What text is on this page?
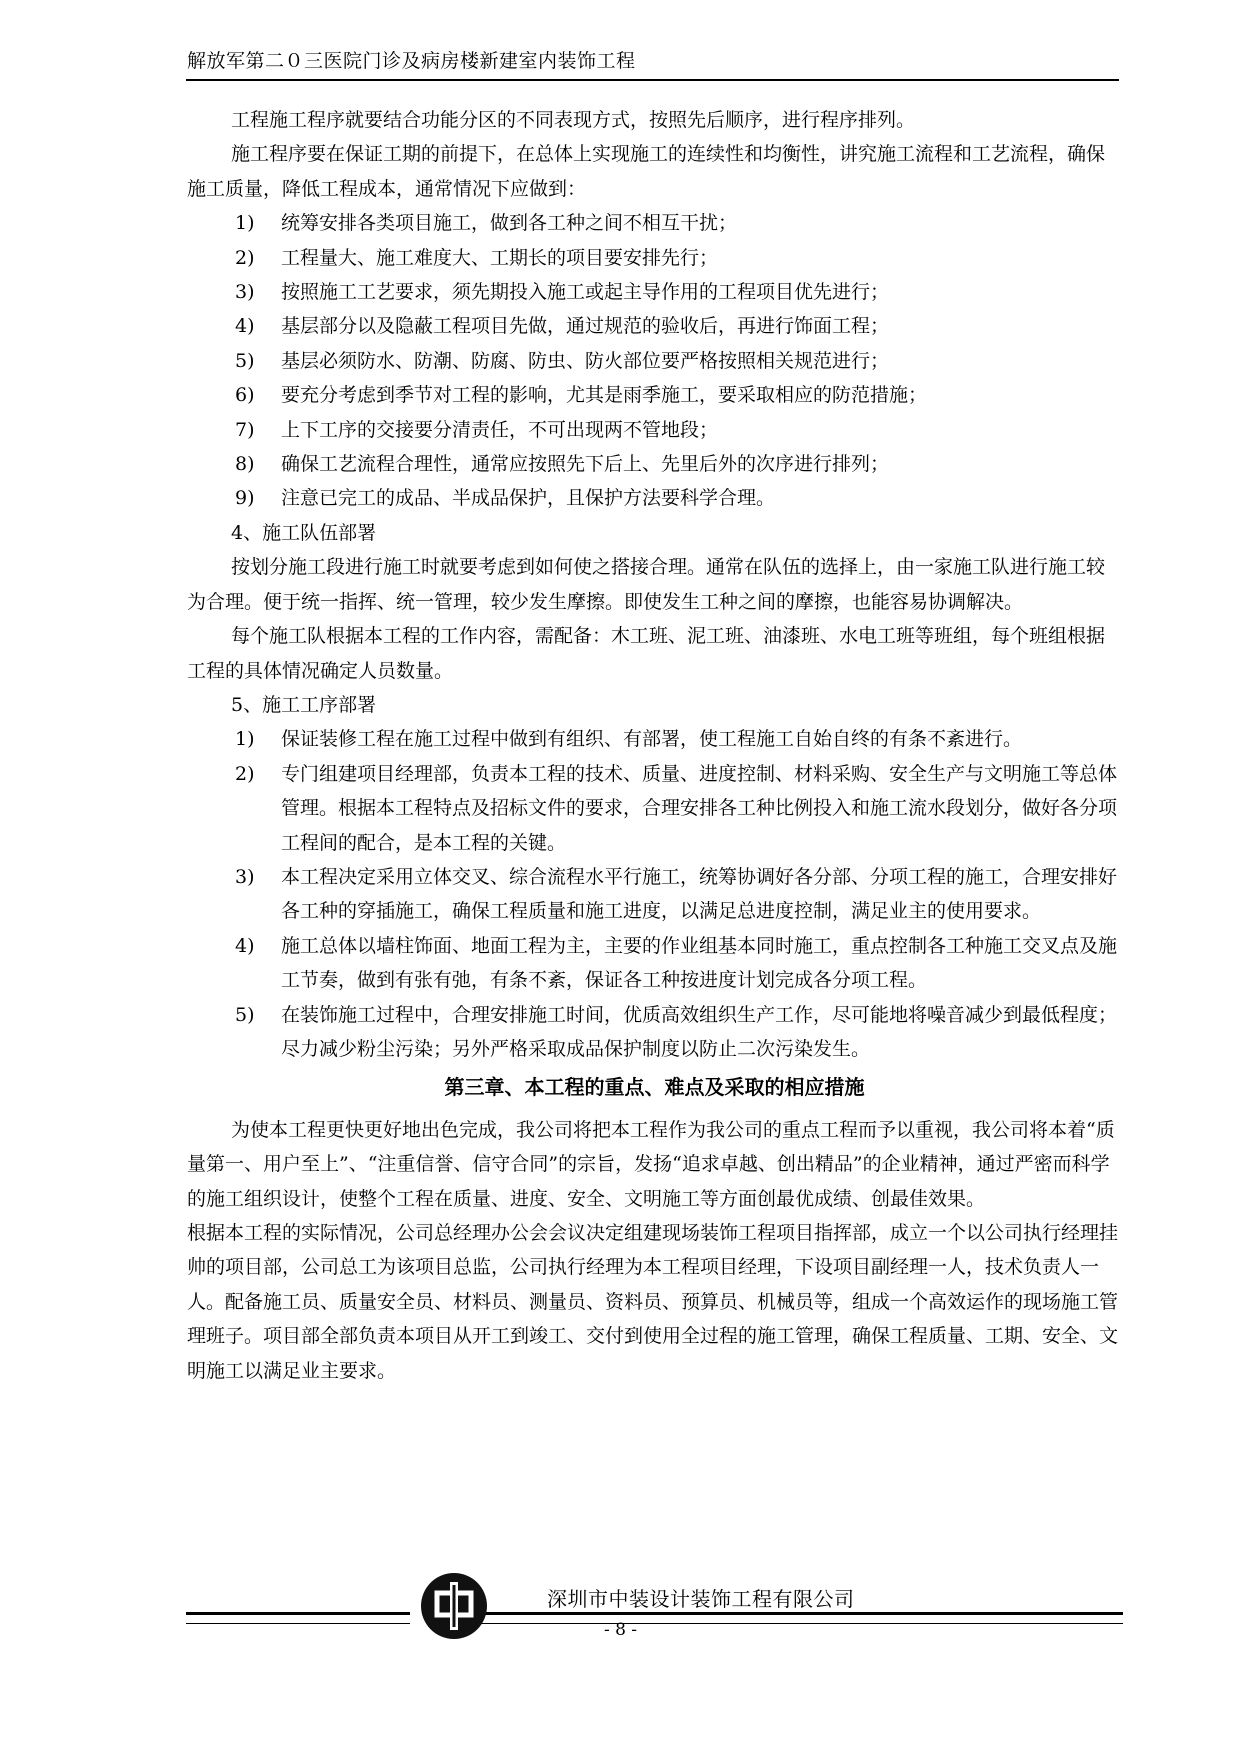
解放军第二０三医院门诊及病房楼新建室内装饰工程

工程施工程序就要结合功能分区的不同表现方式，按照先后顺序，进行程序排列。

施工程序要在保证工期的前提下，在总体上实现施工的连续性和均衡性，讲究施工流程和工艺流程，确保施工质量，降低工程成本，通常情况下应做到：

1) 统筹安排各类项目施工，做到各工种之间不相互干扰；

2) 工程量大、施工难度大、工期长的项目要安排先行；

3) 按照施工工艺要求，须先期投入施工或起主导作用的工程项目优先进行；

4) 基层部分以及隐蔽工程项目先做，通过规范的验收后，再进行饰面工程；

5) 基层必须防水、防潮、防腐、防虫、防火部位要严格按照相关规范进行；

6) 要充分考虑到季节对工程的影响，尤其是雨季施工，要采取相应的防范措施；

7) 上下工序的交接要分清责任，不可出现两不管地段；

8) 确保工艺流程合理性，通常应按照先下后上、先里后外的次序进行排列；

9) 注意已完工的成品、半成品保护，且保护方法要科学合理。

4、施工队伍部署

按划分施工段进行施工时就要考虑到如何使之搭接合理。通常在队伍的选择上，由一家施工队进行施工较为合理。便于统一指挥、统一管理，较少发生摩擦。即使发生工种之间的摩擦，也能容易协调解决。

每个施工队根据本工程的工作内容，需配备：木工班、泥工班、油漆班、水电工班等班组，每个班组根据工程的具体情况确定人员数量。

5、施工工序部署

1) 保证装修工程在施工过程中做到有组织、有部署，使工程施工自始自终的有条不紊进行。

2) 专门组建项目经理部，负责本工程的技术、质量、进度控制、材料采购、安全生产与文明施工等总体管理。根据本工程特点及招标文件的要求，合理安排各工种比例投入和施工流水段划分，做好各分项工程间的配合，是本工程的关键。

3) 本工程决定采用立体交叉、综合流程水平行施工，统筹协调好各分部、分项工程的施工，合理安排好各工种的穿插施工，确保工程质量和施工进度，以满足总进度控制，满足业主的使用要求。

4) 施工总体以墙柱饰面、地面工程为主，主要的作业组基本同时施工，重点控制各工种施工交叉点及施工节奏，做到有张有弛，有条不紊，保证各工种按进度计划完成各分项工程。

5) 在装饰施工过程中，合理安排施工时间，优质高效组织生产工作，尽可能地将噪音减少到最低程度；尽力减少粉尘污染；另外严格采取成品保护制度以防止二次污染发生。

第三章、本工程的重点、难点及采取的相应措施

为使本工程更快更好地出色完成，我公司将把本工程作为我公司的重点工程而予以重视，我公司将本着“质量第一、用户至上”、“注重信誉、信守合同”的宗旨，发扬“追求卓越、创出精品”的企业精神，通过严密而科学的施工组织设计，使整个工程在质量、进度、安全、文明施工等方面创最优成绩、创最佳效果。

根据本工程的实际情况，公司总经理办公会会议决定组建现场装饰工程项目指挥部，成立一个以公司执行经理挂帅的项目部，公司总工为该项目总监，公司执行经理为本工程项目经理，下设项目副经理一人，技术负责人一人。配备施工员、质量安全员、材料员、测量员、资料员、预算员、机械员等，组成一个高效运作的现场施工管理班子。项目部全部负责本项目从开工到竣工、交付到使用全过程的施工管理，确保工程质量、工期、安全、文明施工以满足业主要求。

深圳市中装设计装饰工程有限公司
- 8 -
